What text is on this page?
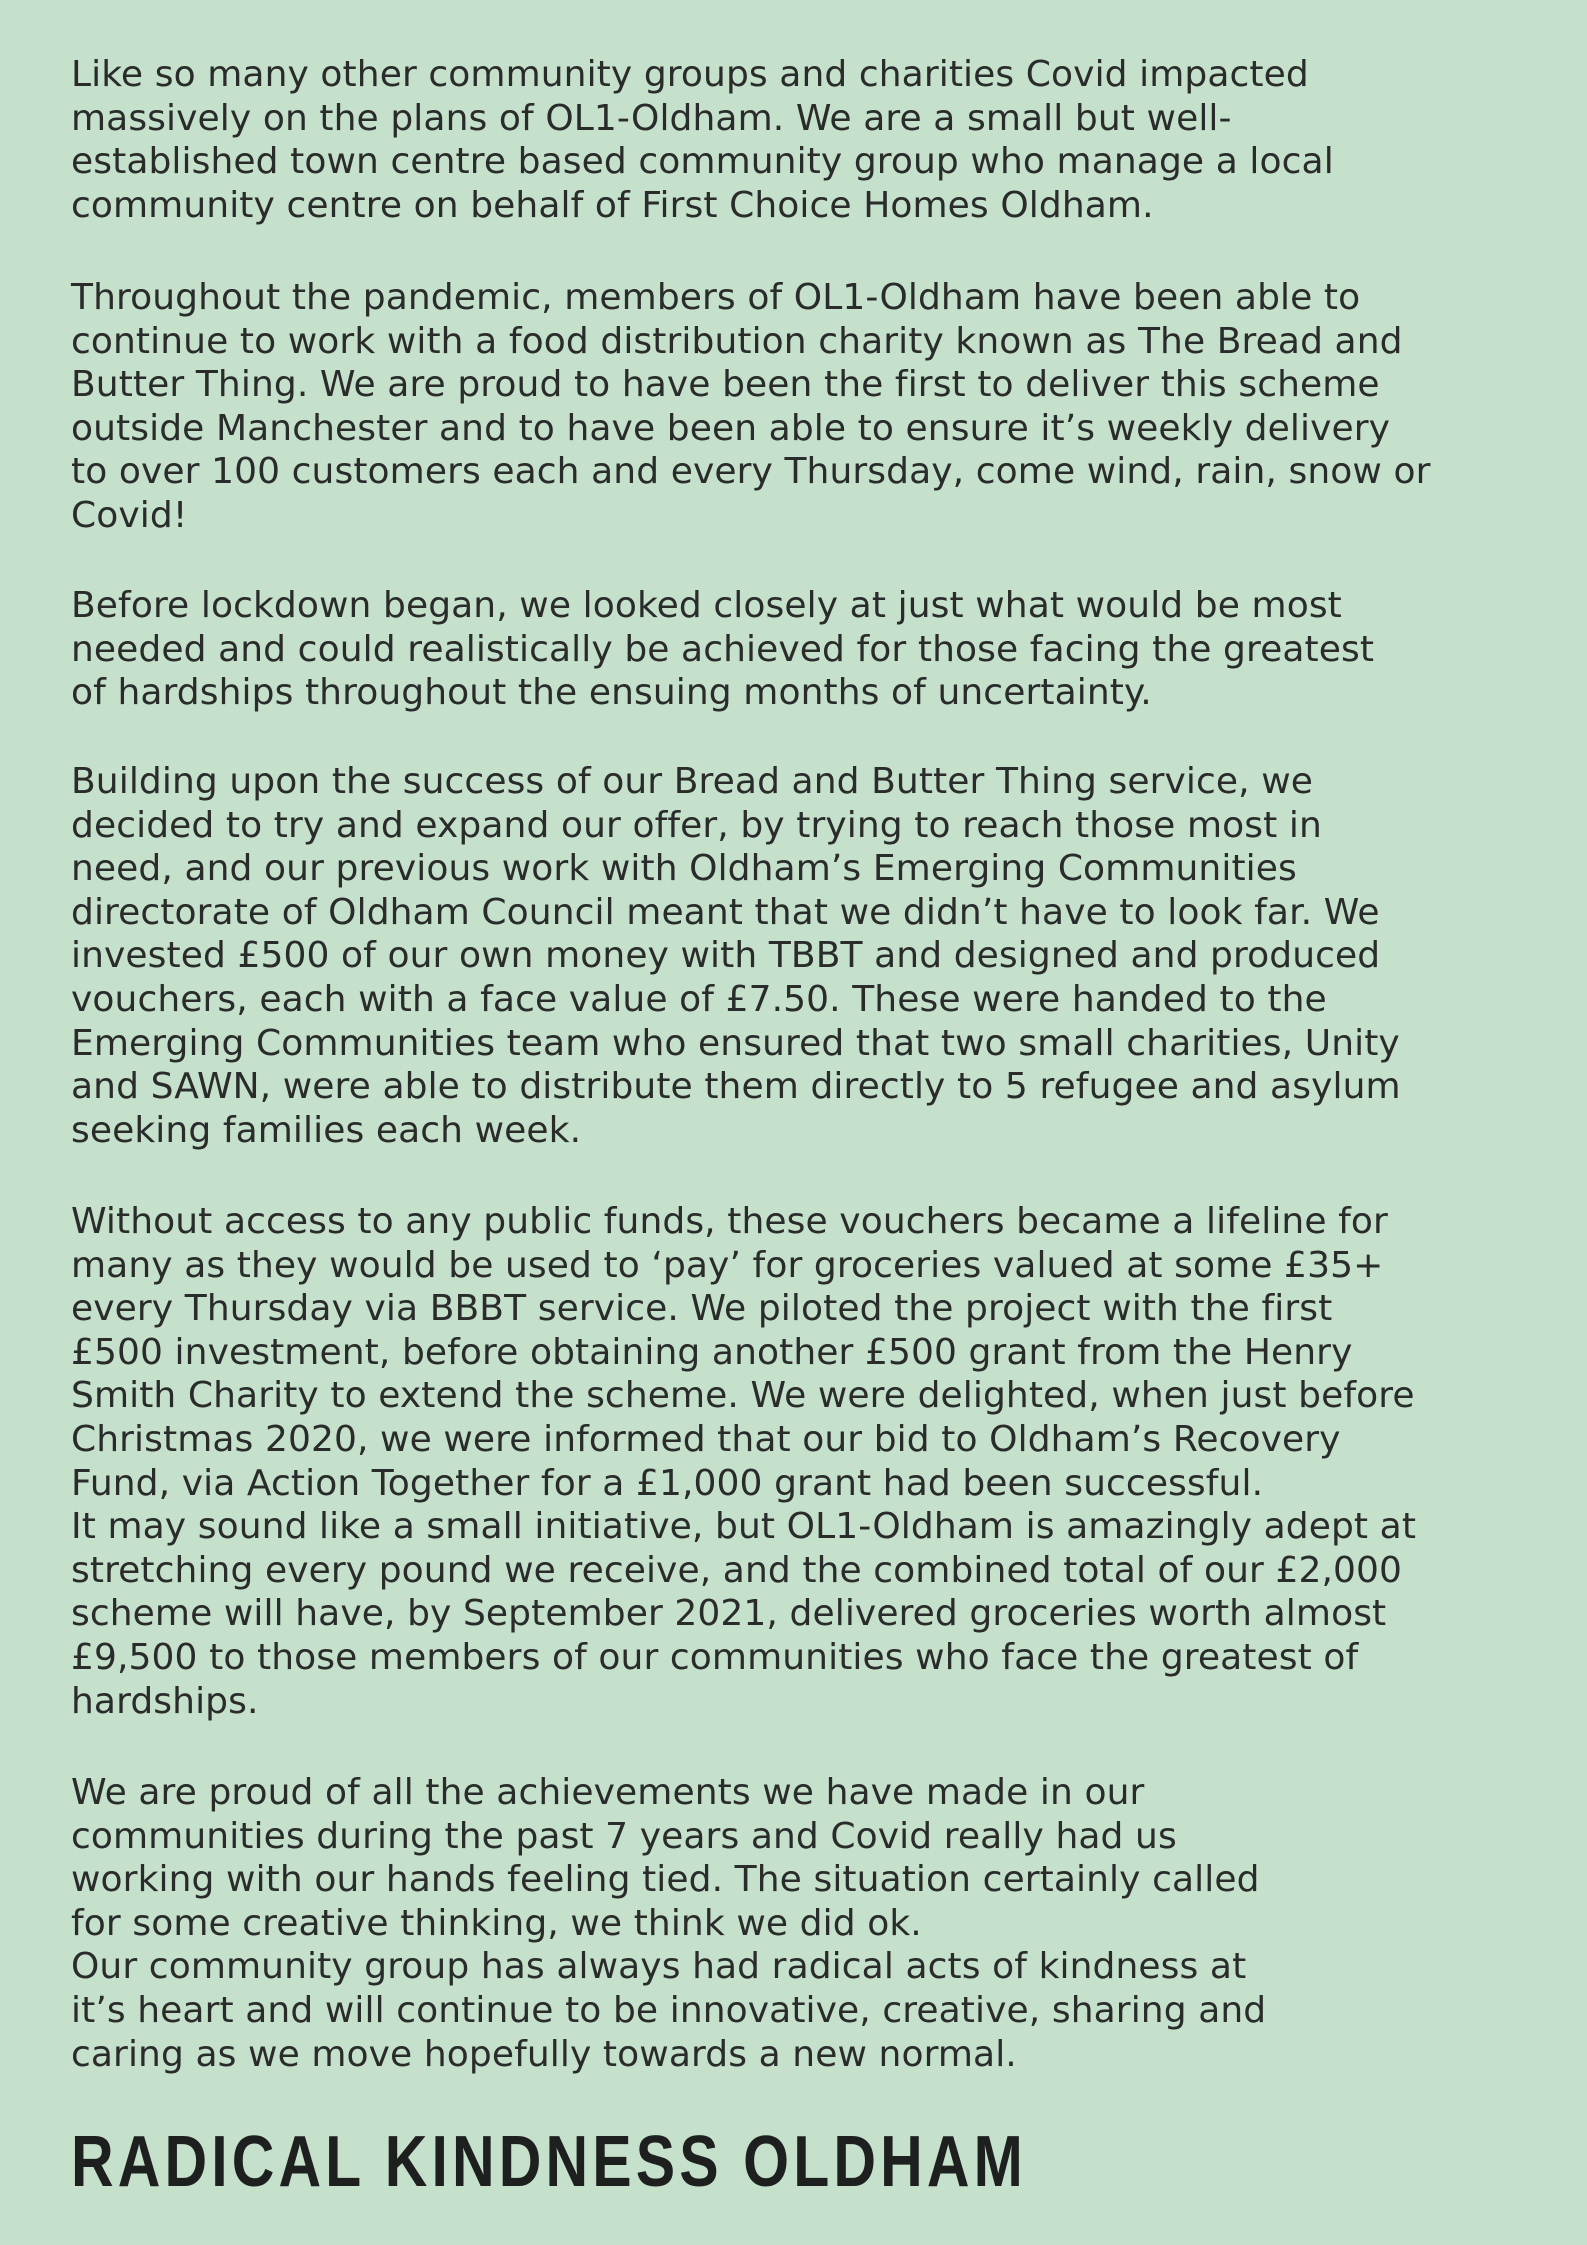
Like so many other community groups and charities Covid impacted
massively on the plans of OL1-Oldham. We are a small but well-
established town centre based community group who manage a local
community centre on behalf of First Choice Homes Oldham.

Throughout the pandemic, members of OL1-Oldham have been able to
continue to work with a food distribution charity known as The Bread and
Butter Thing. We are proud to have been the first to deliver this scheme
outside Manchester and to have been able to ensure it’s weekly delivery
to over 100 customers each and every Thursday, come wind, rain, snow or
Covid!

Before lockdown began, we looked closely at just what would be most
needed and could realistically be achieved for those facing the greatest
of hardships throughout the ensuing months of uncertainty.

Building upon the success of our Bread and Butter Thing service, we
decided to try and expand our offer, by trying to reach those most in
need, and our previous work with Oldham’s Emerging Communities
directorate of Oldham Council meant that we didn’t have to look far. We
invested £500 of our own money with TBBT and designed and produced
vouchers, each with a face value of £7.50. These were handed to the
Emerging Communities team who ensured that two small charities, Unity
and SAWN, were able to distribute them directly to 5 refugee and asylum
seeking families each week.

Without access to any public funds, these vouchers became a lifeline for
many as they would be used to ‘pay’ for groceries valued at some £35+
every Thursday via BBBT service. We piloted the project with the first
£500 investment, before obtaining another £500 grant from the Henry
Smith Charity to extend the scheme. We were delighted, when just before
Christmas 2020, we were informed that our bid to Oldham’s Recovery
Fund, via Action Together for a £1,000 grant had been successful.
It may sound like a small initiative, but OL1-Oldham is amazingly adept at
stretching every pound we receive, and the combined total of our £2,000
scheme will have, by September 2021, delivered groceries worth almost
£9,500 to those members of our communities who face the greatest of
hardships.

We are proud of all the achievements we have made in our
communities during the past 7 years and Covid really had us
working with our hands feeling tied. The situation certainly called
for some creative thinking, we think we did ok.
Our community group has always had radical acts of kindness at
it’s heart and will continue to be innovative, creative, sharing and
caring as we move hopefully towards a new normal.

RADICAL KINDNESS OLDHAM
